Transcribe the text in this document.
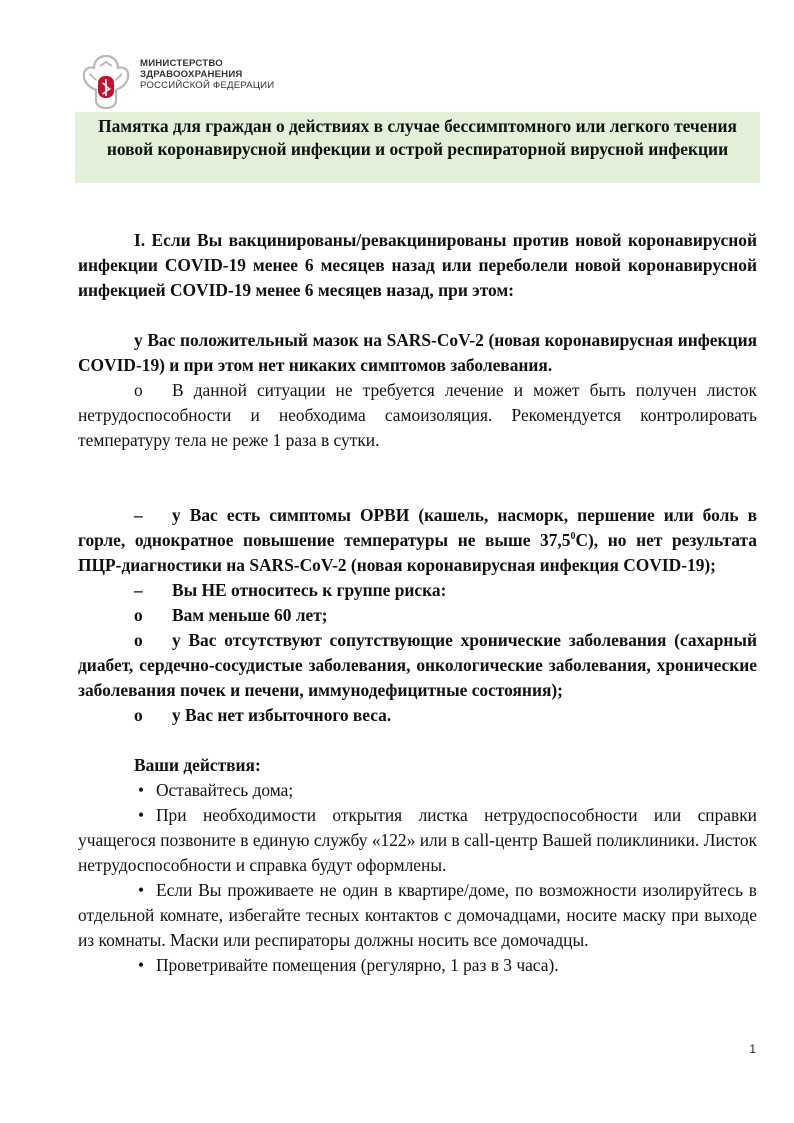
МИНИСТЕРСТВО
ЗДРАВООХРАНЕНИЯ
РОССИЙСКОЙ ФЕДЕРАЦИИ

Памятка для граждан о действиях в случае бессимптомного или легкого течения новой коронавирусной инфекции и острой респираторной вирусной инфекции

I. Если Вы вакцинированы/ревакцинированы против новой коронавирусной инфекции COVID-19 менее 6 месяцев назад или переболели новой коронавирусной инфекцией COVID-19 менее 6 месяцев назад, при этом:

у Вас положительный мазок на SARS-CoV-2 (новая коронавирусная инфекция COVID-19) и при этом нет никаких симптомов заболевания.

o В данной ситуации не требуется лечение и может быть получен листок нетрудоспособности и необходима самоизоляция. Рекомендуется контролировать температуру тела не реже 1 раза в сутки.

– у Вас есть симптомы ОРВИ (кашель, насморк, першение или боль в горле, однократное повышение температуры не выше 37,5$^0$С), но нет результата ПЦР-диагностики на SARS-CoV-2 (новая коронавирусная инфекция COVID-19);

– Вы НЕ относитесь к группе риска:

o Вам меньше 60 лет;

o у Вас отсутствуют сопутствующие хронические заболевания (сахарный диабет, сердечно-сосудистые заболевания, онкологические заболевания, хронические заболевания почек и печени, иммунодефицитные состояния);

o у Вас нет избыточного веса.

Ваши действия:

• Оставайтесь дома;

• При необходимости открытия листка нетрудоспособности или справки учащегося позвоните в единую службу «122» или в call-центр Вашей поликлиники. Листок нетрудоспособности и справка будут оформлены.

• Если Вы проживаете не один в квартире/доме, по возможности изолируйтесь в отдельной комнате, избегайте тесных контактов с домочадцами, носите маску при выходе из комнаты. Маски или респираторы должны носить все домочадцы.

• Проветривайте помещения (регулярно, 1 раз в 3 часа).

1
